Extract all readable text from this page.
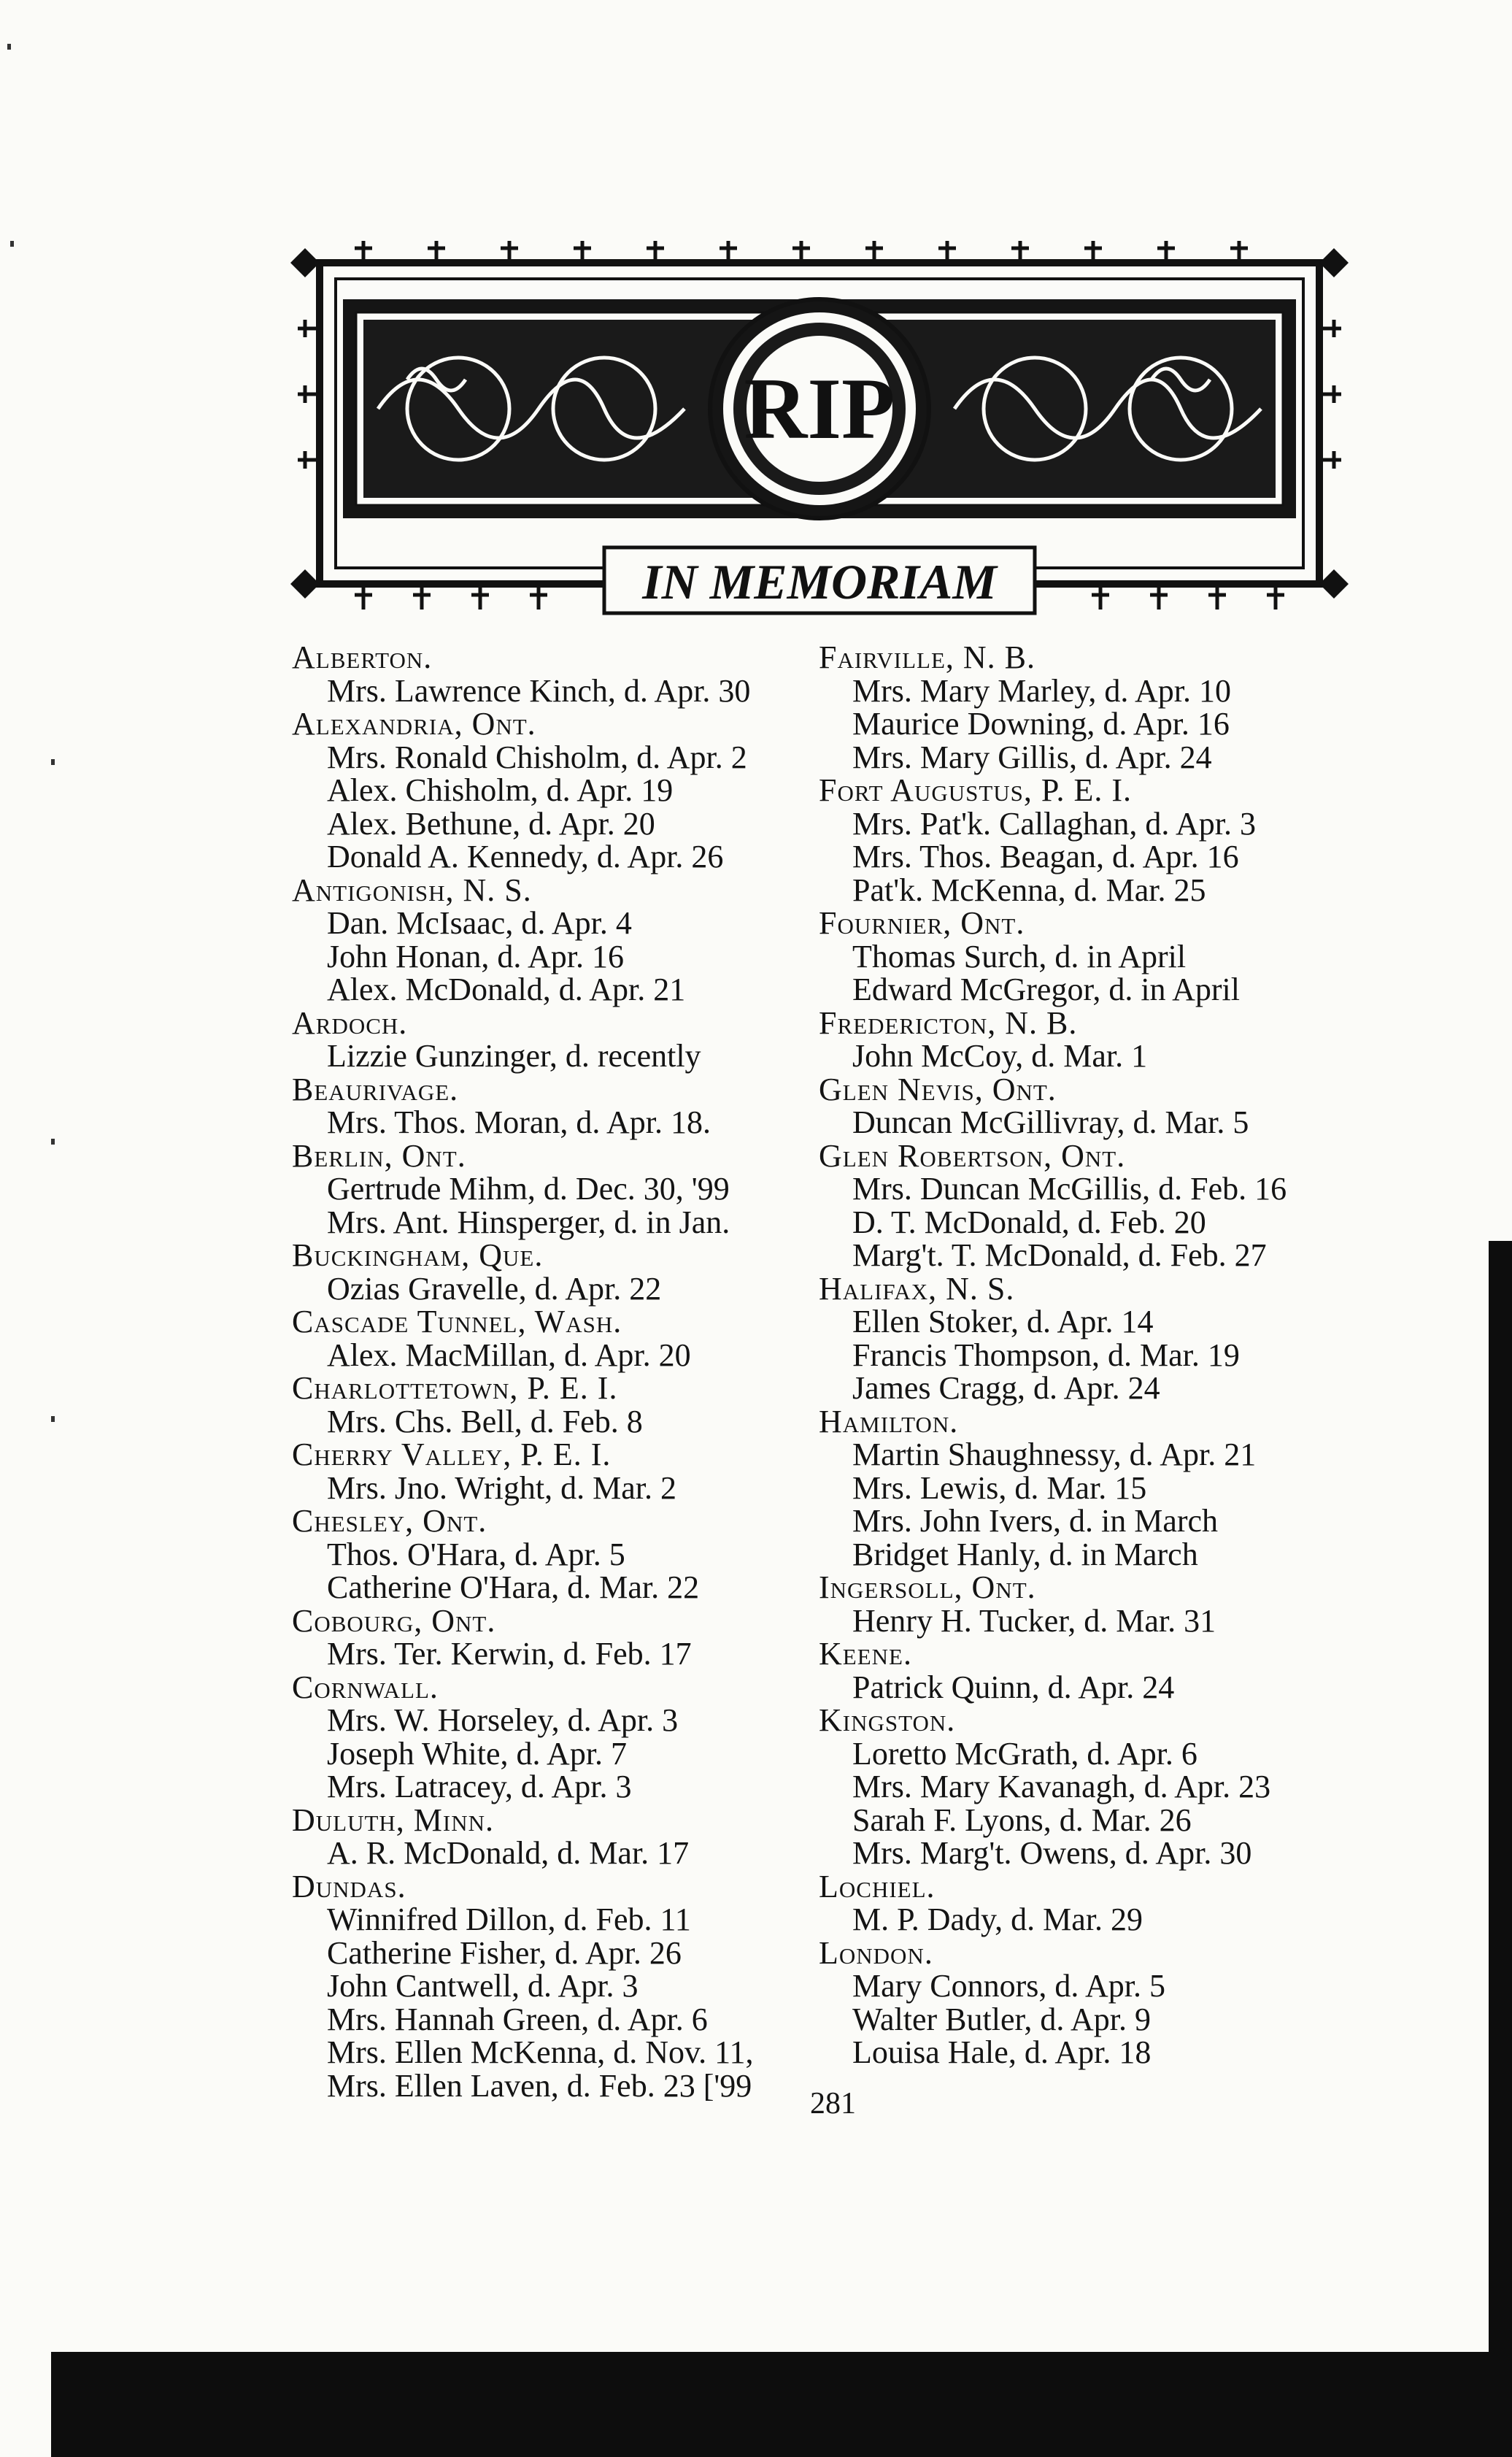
RIP
IN MEMORIAM
Alberton.
Mrs. Lawrence Kinch, d. Apr. 30
Alexandria, Ont.
Mrs. Ronald Chisholm, d. Apr. 2
Alex. Chisholm, d. Apr. 19
Alex. Bethune, d. Apr. 20
Donald A. Kennedy, d. Apr. 26
Antigonish, N. S.
Dan. McIsaac, d. Apr. 4
John Honan, d. Apr. 16
Alex. McDonald, d. Apr. 21
Ardoch.
Lizzie Gunzinger, d. recently
Beaurivage.
Mrs. Thos. Moran, d. Apr. 18.
Berlin, Ont.
Gertrude Mihm, d. Dec. 30, '99
Mrs. Ant. Hinsperger, d. in Jan.
Buckingham, Que.
Ozias Gravelle, d. Apr. 22
Cascade Tunnel, Wash.
Alex. MacMillan, d. Apr. 20
Charlottetown, P. E. I.
Mrs. Chs. Bell, d. Feb. 8
Cherry Valley, P. E. I.
Mrs. Jno. Wright, d. Mar. 2
Chesley, Ont.
Thos. O'Hara, d. Apr. 5
Catherine O'Hara, d. Mar. 22
Cobourg, Ont.
Mrs. Ter. Kerwin, d. Feb. 17
Cornwall.
Mrs. W. Horseley, d. Apr. 3
Joseph White, d. Apr. 7
Mrs. Latracey, d. Apr. 3
Duluth, Minn.
A. R. McDonald, d. Mar. 17
Dundas.
Winnifred Dillon, d. Feb. 11
Catherine Fisher, d. Apr. 26
John Cantwell, d. Apr. 3
Mrs. Hannah Green, d. Apr. 6
Mrs. Ellen McKenna, d. Nov. 11,
Mrs. Ellen Laven, d. Feb. 23 ['99
Fairville, N. B.
Mrs. Mary Marley, d. Apr. 10
Maurice Downing, d. Apr. 16
Mrs. Mary Gillis, d. Apr. 24
Fort Augustus, P. E. I.
Mrs. Pat'k. Callaghan, d. Apr. 3
Mrs. Thos. Beagan, d. Apr. 16
Pat'k. McKenna, d. Mar. 25
Fournier, Ont.
Thomas Surch, d. in April
Edward McGregor, d. in April
Fredericton, N. B.
John McCoy, d. Mar. 1
Glen Nevis, Ont.
Duncan McGillivray, d. Mar. 5
Glen Robertson, Ont.
Mrs. Duncan McGillis, d. Feb. 16
D. T. McDonald, d. Feb. 20
Marg't. T. McDonald, d. Feb. 27
Halifax, N. S.
Ellen Stoker, d. Apr. 14
Francis Thompson, d. Mar. 19
James Cragg, d. Apr. 24
Hamilton.
Martin Shaughnessy, d. Apr. 21
Mrs. Lewis, d. Mar. 15
Mrs. John Ivers, d. in March
Bridget Hanly, d. in March
Ingersoll, Ont.
Henry H. Tucker, d. Mar. 31
Keene.
Patrick Quinn, d. Apr. 24
Kingston.
Loretto McGrath, d. Apr. 6
Mrs. Mary Kavanagh, d. Apr. 23
Sarah F. Lyons, d. Mar. 26
Mrs. Marg't. Owens, d. Apr. 30
Lochiel.
M. P. Dady, d. Mar. 29
London.
Mary Connors, d. Apr. 5
Walter Butler, d. Apr. 9
Louisa Hale, d. Apr. 18
281
